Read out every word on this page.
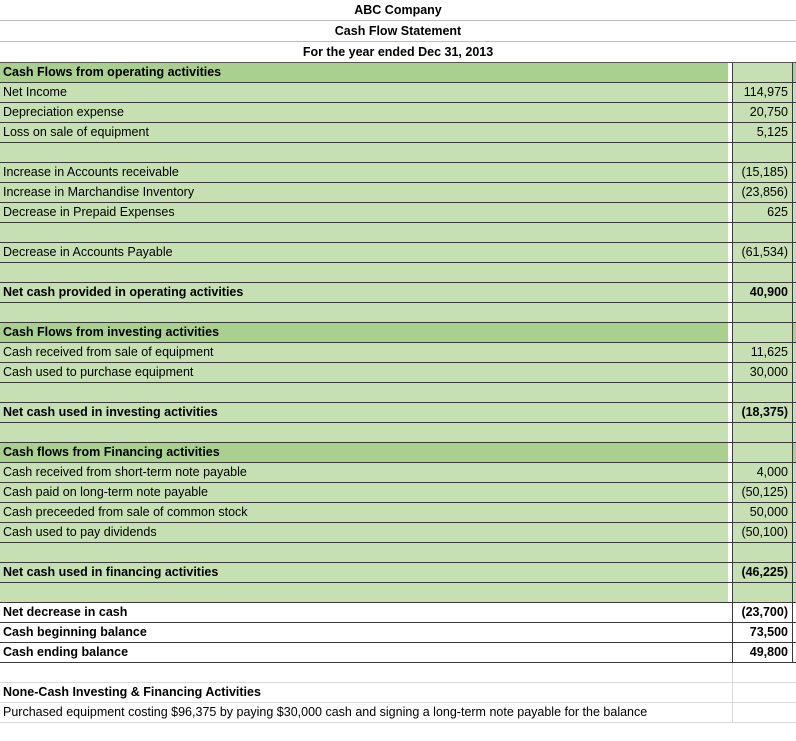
ABC Company
Cash Flow Statement
For the year ended Dec 31, 2013
Cash Flows from operating activities
Net Income	114,975
Depreciation expense	20,750
Loss on sale of equipment	5,125
Increase in Accounts receivable	(15,185)
Increase in Marchandise Inventory	(23,856)
Decrease in Prepaid Expenses	625
Decrease in Accounts Payable	(61,534)
Net cash provided in operating activities	40,900
Cash Flows from investing activities
Cash received from sale of equipment	11,625
Cash used to purchase equipment	30,000
Net cash used in investing activities	(18,375)
Cash flows from Financing activities
Cash received from short-term note payable	4,000
Cash paid on long-term note payable	(50,125)
Cash preceeded from sale of common stock	50,000
Cash used to pay dividends	(50,100)
Net cash used in financing activities	(46,225)
Net decrease in cash	(23,700)
Cash beginning balance	73,500
Cash ending balance	49,800
None-Cash Investing & Financing Activities
Purchased equipment costing $96,375 by paying $30,000 cash and signing a long-term note payable for the balance
